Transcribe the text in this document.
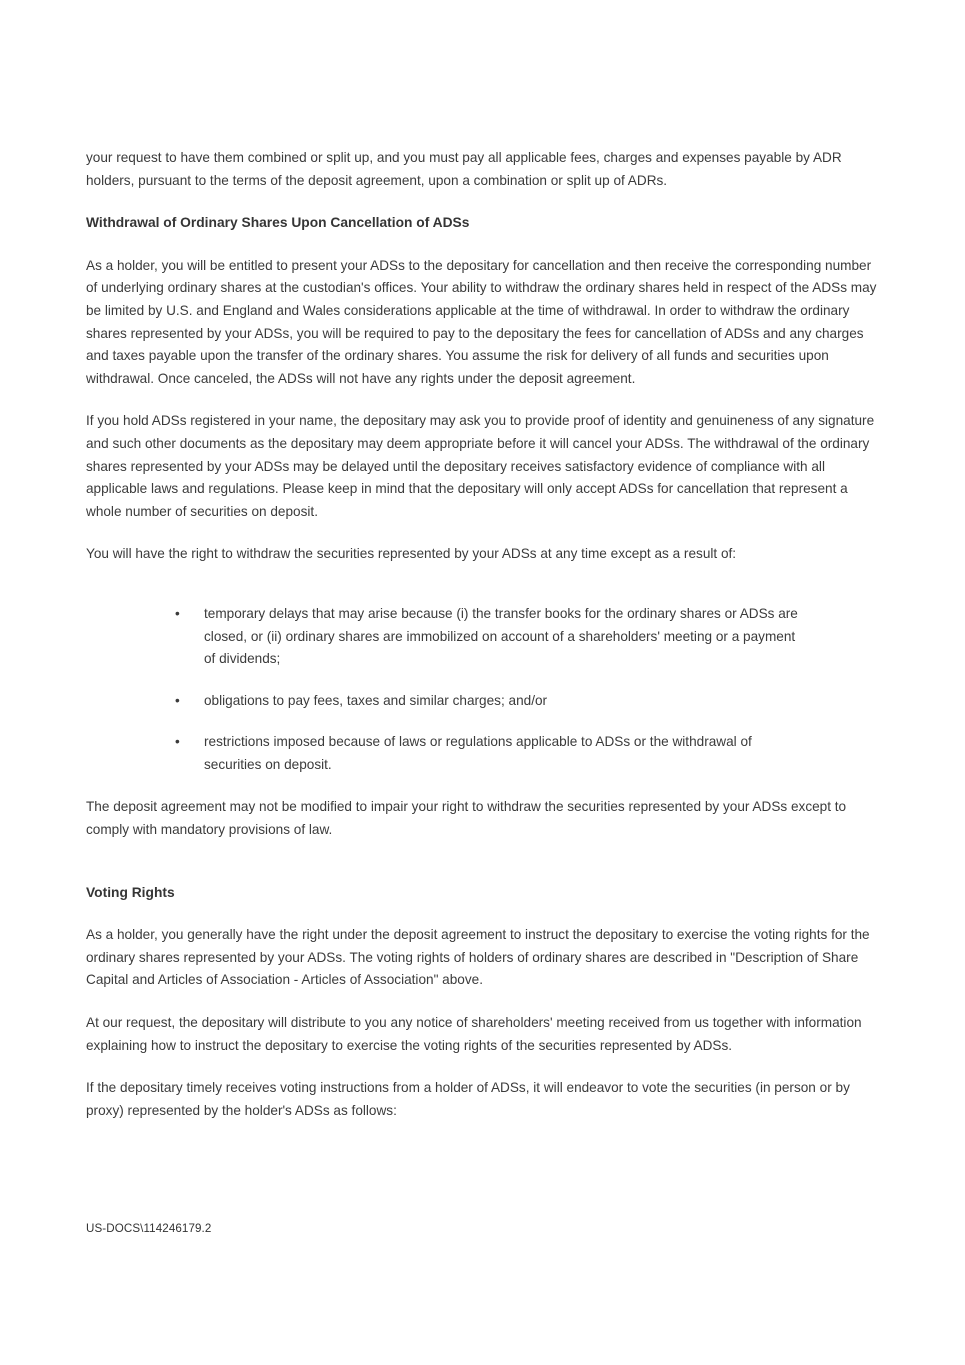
your request to have them combined or split up, and you must pay all applicable fees, charges and expenses payable by ADR holders, pursuant to the terms of the deposit agreement, upon a combination or split up of ADRs.

Withdrawal of Ordinary Shares Upon Cancellation of ADSs

As a holder, you will be entitled to present your ADSs to the depositary for cancellation and then receive the corresponding number of underlying ordinary shares at the custodian's offices. Your ability to withdraw the ordinary shares held in respect of the ADSs may be limited by U.S. and England and Wales considerations applicable at the time of withdrawal. In order to withdraw the ordinary shares represented by your ADSs, you will be required to pay to the depositary the fees for cancellation of ADSs and any charges and taxes payable upon the transfer of the ordinary shares. You assume the risk for delivery of all funds and securities upon withdrawal. Once canceled, the ADSs will not have any rights under the deposit agreement.

If you hold ADSs registered in your name, the depositary may ask you to provide proof of identity and genuineness of any signature and such other documents as the depositary may deem appropriate before it will cancel your ADSs. The withdrawal of the ordinary shares represented by your ADSs may be delayed until the depositary receives satisfactory evidence of compliance with all applicable laws and regulations. Please keep in mind that the depositary will only accept ADSs for cancellation that represent a whole number of securities on deposit.

You will have the right to withdraw the securities represented by your ADSs at any time except as a result of:

•	temporary delays that may arise because (i) the transfer books for the ordinary shares or ADSs are closed, or (ii) ordinary shares are immobilized on account of a shareholders' meeting or a payment of dividends;
•	obligations to pay fees, taxes and similar charges; and/or
•	restrictions imposed because of laws or regulations applicable to ADSs or the withdrawal of securities on deposit.

The deposit agreement may not be modified to impair your right to withdraw the securities represented by your ADSs except to comply with mandatory provisions of law.

Voting Rights

As a holder, you generally have the right under the deposit agreement to instruct the depositary to exercise the voting rights for the ordinary shares represented by your ADSs. The voting rights of holders of ordinary shares are described in "Description of Share Capital and Articles of Association - Articles of Association" above.

At our request, the depositary will distribute to you any notice of shareholders' meeting received from us together with information explaining how to instruct the depositary to exercise the voting rights of the securities represented by ADSs.

If the depositary timely receives voting instructions from a holder of ADSs, it will endeavor to vote the securities (in person or by proxy) represented by the holder's ADSs as follows:

US-DOCS\114246179.2
